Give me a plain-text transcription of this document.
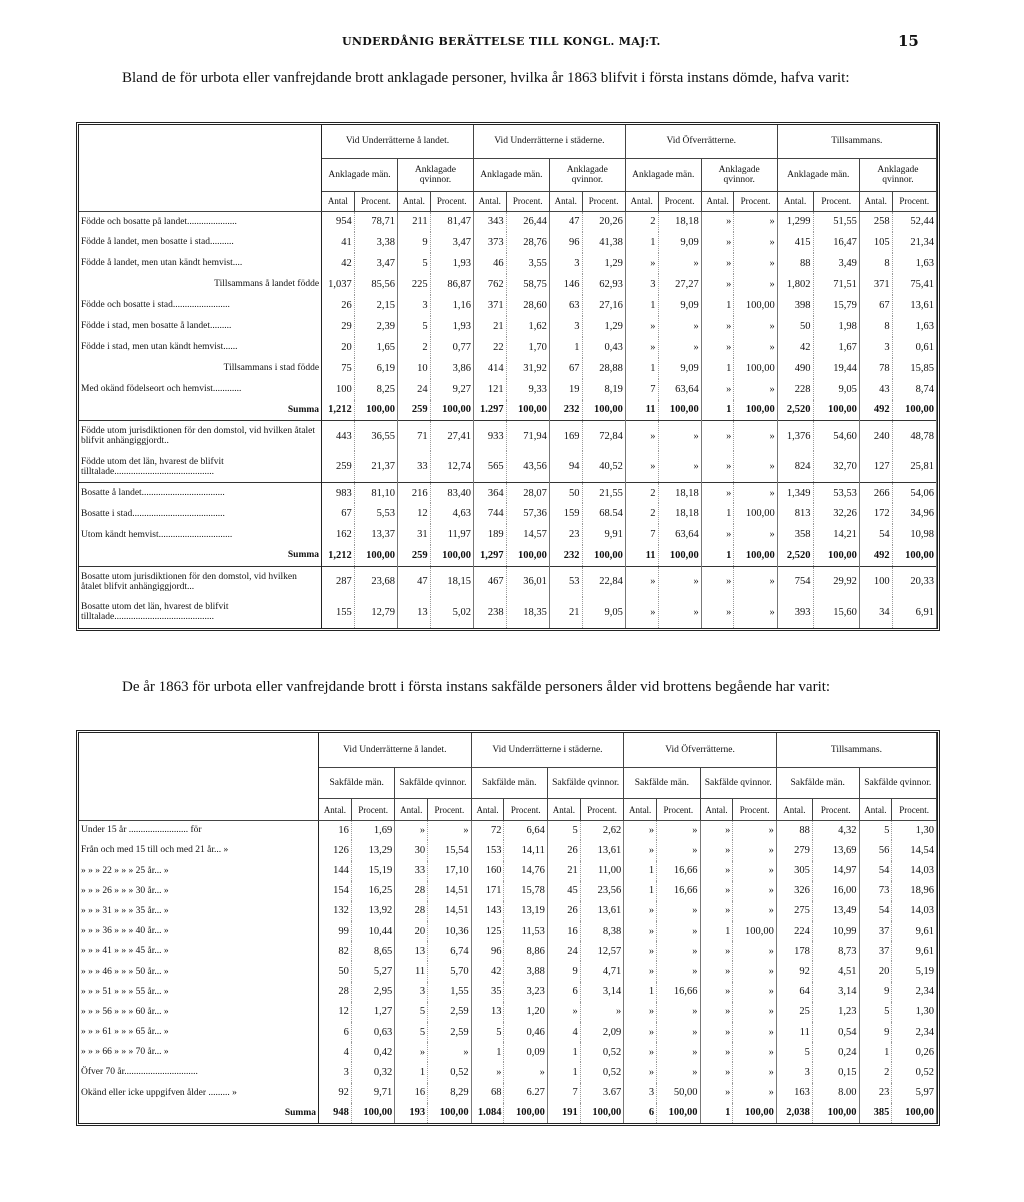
UNDERDÅNIG BERÄTTELSE TILL KONGL. MAJ:T.	15
Bland de för urbota eller vanfrejdande brott anklagade personer, hvilka år 1863 blifvit i första instans dömde, hafva varit:
	Vid Underrätterne å landet.				Vid Underrätterne i städerne.				Vid Öfverrätterne.				Tillsammans.			
	Anklagade män.		Anklagade qvinnor.		Anklagade män.		Anklagade qvinnor.		Anklagade män.		Anklagade qvinnor.		Anklagade män.		Anklagade qvinnor.	
	Antal	Procent.	Antal.	Procent.	Antal.	Procent.	Antal.	Procent.	Antal.	Procent.	Antal.	Procent.	Antal.	Procent.	Antal.	Procent.
Födde och bosatte på landet.....................	954	78,71	211	81,47	343	26,44	47	20,26	2	18,18	»	»	1,299	51,55	258	52,44
Födde å landet, men bosatte i stad..........	41	3,38	9	3,47	373	28,76	96	41,38	1	9,09	»	»	415	16,47	105	21,34
Födde å landet, men utan kändt hemvist....	42	3,47	5	1,93	46	3,55	3	1,29	»	»	»	»	88	3,49	8	1,63
Tillsammans å landet födde	1,037	85,56	225	86,87	762	58,75	146	62,93	3	27,27	»	»	1,802	71,51	371	75,41
Födde och bosatte i stad........................	26	2,15	3	1,16	371	28,60	63	27,16	1	9,09	1	100,00	398	15,79	67	13,61
Födde i stad, men bosatte å landet.........	29	2,39	5	1,93	21	1,62	3	1,29	»	»	»	»	50	1,98	8	1,63
Födde i stad, men utan kändt hemvist......	20	1,65	2	0,77	22	1,70	1	0,43	»	»	»	»	42	1,67	3	0,61
Tillsammans i stad födde	75	6,19	10	3,86	414	31,92	67	28,88	1	9,09	1	100,00	490	19,44	78	15,85
Med okänd födelseort och hemvist............	100	8,25	24	9,27	121	9,33	19	8,19	7	63,64	»	»	228	9,05	43	8,74
Summa	1,212	100,00	259	100,00	1.297	100,00	232	100,00	11	100,00	1	100,00	2,520	100,00	492	100,00
Födde utom jurisdiktionen för den domstol, vid hvilken åtalet blifvit anhängiggjordt..	443	36,55	71	27,41	933	71,94	169	72,84	»	»	»	»	1,376	54,60	240	48,78
Födde utom det län, hvarest de blifvit tilltalade..........................................	259	21,37	33	12,74	565	43,56	94	40,52	»	»	»	»	824	32,70	127	25,81
Bosatte å landet...................................	983	81,10	216	83,40	364	28,07	50	21,55	2	18,18	»	»	1,349	53,53	266	54,06
Bosatte i stad.......................................	67	5,53	12	4,63	744	57,36	159	68.54	2	18,18	1	100,00	813	32,26	172	34,96
Utom kändt hemvist...............................	162	13,37	31	11,97	189	14,57	23	9,91	7	63,64	»	»	358	14,21	54	10,98
Summa	1,212	100,00	259	100,00	1,297	100,00	232	100,00	11	100,00	1	100,00	2,520	100,00	492	100,00
Bosatte utom jurisdiktionen för den domstol, vid hvilken åtalet blifvit anhängiggjordt...	287	23,68	47	18,15	467	36,01	53	22,84	»	»	»	»	754	29,92	100	20,33
Bosatte utom det län, hvarest de blifvit tilltalade..........................................	155	12,79	13	5,02	238	18,35	21	9,05	»	»	»	»	393	15,60	34	6,91
De år 1863 för urbota eller vanfrejdande brott i första instans sakfälde personers ålder vid brottens begående har varit:
	Vid Underrätterne å landet.				Vid Underrätterne i städerne.				Vid Öfverrätterne.				Tillsammans.			
	Sakfälde män.		Sakfälde qvinnor.		Sakfälde män.		Sakfälde qvinnor.		Sakfälde män.		Sakfälde qvinnor.		Sakfälde män.		Sakfälde qvinnor.	
	Antal.	Procent.	Antal.	Procent.	Antal.	Procent.	Antal.	Procent.	Antal.	Procent.	Antal.	Procent.	Antal.	Procent.	Antal.	Procent.
Under 15 år ......................... för	16	1,69	»	»	72	6,64	5	2,62	»	»	»	»	88	4,32	5	1,30
Från och med 15 till och med 21 år... »	126	13,29	30	15,54	153	14,11	26	13,61	»	»	»	»	279	13,69	56	14,54
» » » 22 » » » 25 år... »	144	15,19	33	17,10	160	14,76	21	11,00	1	16,66	»	»	305	14,97	54	14,03
» » » 26 » » » 30 år... »	154	16,25	28	14,51	171	15,78	45	23,56	1	16,66	»	»	326	16,00	73	18,96
» » » 31 » » » 35 år... »	132	13,92	28	14,51	143	13,19	26	13,61	»	»	»	»	275	13,49	54	14,03
» » » 36 » » » 40 år... »	99	10,44	20	10,36	125	11,53	16	8,38	»	»	1	100,00	224	10,99	37	9,61
» » » 41 » » » 45 år... »	82	8,65	13	6,74	96	8,86	24	12,57	»	»	»	»	178	8,73	37	9,61
» » » 46 » » » 50 år... »	50	5,27	11	5,70	42	3,88	9	4,71	»	»	»	»	92	4,51	20	5,19
» » » 51 » » » 55 år... »	28	2,95	3	1,55	35	3,23	6	3,14	1	16,66	»	»	64	3,14	9	2,34
» » » 56 » » » 60 år... »	12	1,27	5	2,59	13	1,20	»	»	»	»	»	»	25	1,23	5	1,30
» » » 61 » » » 65 år... »	6	0,63	5	2,59	5	0,46	4	2,09	»	»	»	»	11	0,54	9	2,34
» » » 66 » » » 70 år... »	4	0,42	»	»	1	0,09	1	0,52	»	»	»	»	5	0,24	1	0,26
Öfver 70 år...............................	3	0,32	1	0,52	»	»	1	0,52	»	»	»	»	3	0,15	2	0,52
Okänd eller icke uppgifven ålder ......... »	92	9,71	16	8,29	68	6.27	7	3.67	3	50,00	»	»	163	8.00	23	5,97
Summa	948	100,00	193	100,00	1.084	100,00	191	100,00	6	100,00	1	100,00	2,038	100,00	385	100,00
